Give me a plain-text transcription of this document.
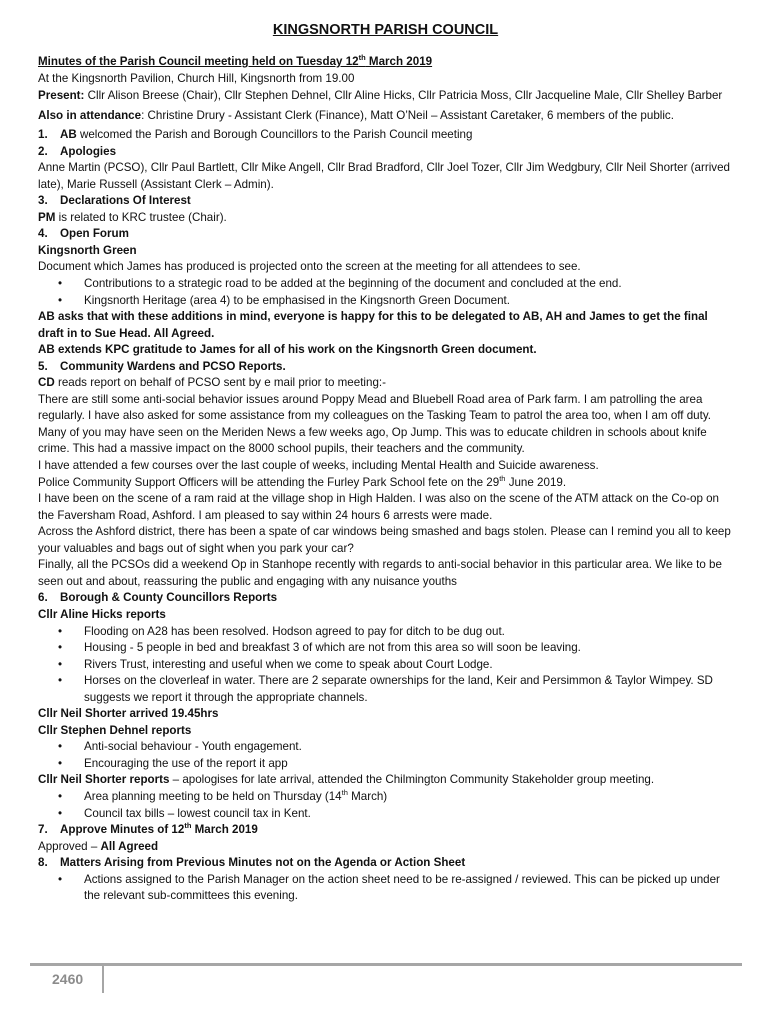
KINGSNORTH PARISH COUNCIL

Minutes of the Parish Council meeting held on Tuesday 12th March 2019

At the Kingsnorth Pavilion, Church Hill, Kingsnorth from 19.00

Present: Cllr Alison Breese (Chair), Cllr Stephen Dehnel, Cllr Aline Hicks, Cllr Patricia Moss, Cllr Jacqueline Male, Cllr Shelley Barber

Also in attendance: Christine Drury - Assistant Clerk (Finance), Matt O’Neil – Assistant Caretaker, 6 members of the public.

1. AB welcomed the Parish and Borough Councillors to the Parish Council meeting

2. Apologies

Anne Martin (PCSO), Cllr Paul Bartlett, Cllr Mike Angell, Cllr Brad Bradford, Cllr Joel Tozer, Cllr Jim Wedgbury, Cllr Neil Shorter (arrived late), Marie Russell (Assistant Clerk – Admin).

3. Declarations Of Interest

PM is related to KRC trustee (Chair).

4. Open Forum

Kingsnorth Green

Document which James has produced is projected onto the screen at the meeting for all attendees to see.

• Contributions to a strategic road to be added at the beginning of the document and concluded at the end.

• Kingsnorth Heritage (area 4) to be emphasised in the Kingsnorth Green Document.

AB asks that with these additions in mind, everyone is happy for this to be delegated to AB, AH and James to get the final draft in to Sue Head. All Agreed.

AB extends KPC gratitude to James for all of his work on the Kingsnorth Green document.

5. Community Wardens and PCSO Reports.

CD reads report on behalf of PCSO sent by e mail prior to meeting:-

There are still some anti-social behavior issues around Poppy Mead and Bluebell Road area of Park farm. I am patrolling the area regularly. I have also asked for some assistance from my colleagues on the Tasking Team to patrol the area too, when I am off duty.

Many of you may have seen on the Meriden News a few weeks ago, Op Jump. This was to educate children in schools about knife crime. This had a massive impact on the 8000 school pupils, their teachers and the community.

I have attended a few courses over the last couple of weeks, including Mental Health and Suicide awareness.

Police Community Support Officers will be attending the Furley Park School fete on the 29th June 2019.

I have been on the scene of a ram raid at the village shop in High Halden. I was also on the scene of the ATM attack on the Co-op on the Faversham Road, Ashford. I am pleased to say within 24 hours 6 arrests were made.

Across the Ashford district, there has been a spate of car windows being smashed and bags stolen. Please can I remind you all to keep your valuables and bags out of sight when you park your car?

Finally, all the PCSOs did a weekend Op in Stanhope recently with regards to anti-social behavior in this particular area. We like to be seen out and about, reassuring the public and engaging with any nuisance youths

6. Borough & County Councillors Reports

Cllr Aline Hicks reports

• Flooding on A28 has been resolved. Hodson agreed to pay for ditch to be dug out.

• Housing - 5 people in bed and breakfast 3 of which are not from this area so will soon be leaving.

• Rivers Trust, interesting and useful when we come to speak about Court Lodge.

• Horses on the cloverleaf in water. There are 2 separate ownerships for the land, Keir and Persimmon & Taylor Wimpey. SD suggests we report it through the appropriate channels.

Cllr Neil Shorter arrived 19.45hrs

Cllr Stephen Dehnel reports

• Anti-social behaviour - Youth engagement.

• Encouraging the use of the report it app

Cllr Neil Shorter reports – apologises for late arrival, attended the Chilmington Community Stakeholder group meeting.

• Area planning meeting to be held on Thursday (14th March)

• Council tax bills – lowest council tax in Kent.

7. Approve Minutes of 12th March 2019

Approved – All Agreed

8. Matters Arising from Previous Minutes not on the Agenda or Action Sheet

• Actions assigned to the Parish Manager on the action sheet need to be re-assigned / reviewed. This can be picked up under the relevant sub-committees this evening.

2460
